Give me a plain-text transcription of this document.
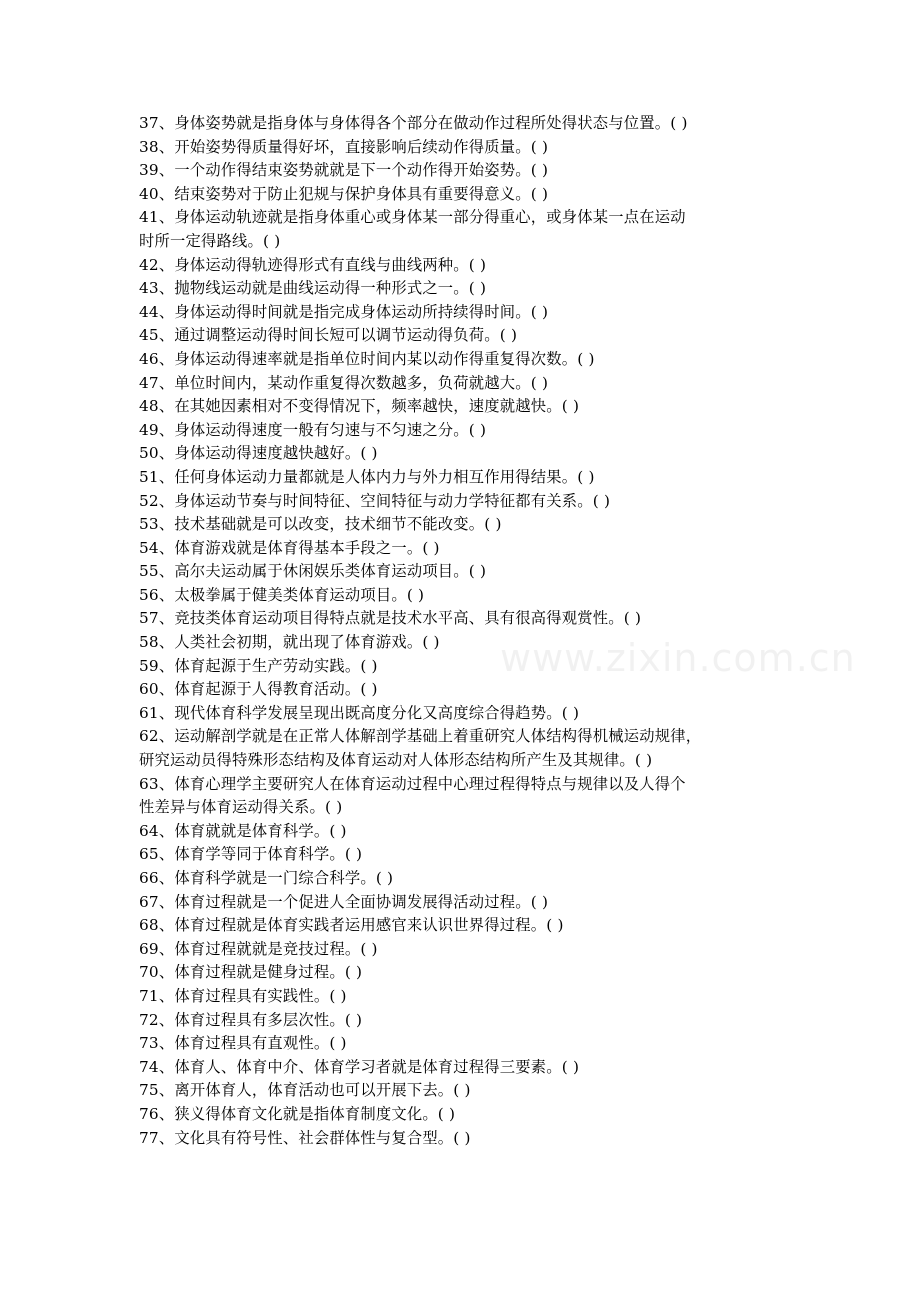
www.zixin.com.cn
37、身体姿势就是指身体与身体得各个部分在做动作过程所处得状态与位置。( )
38、开始姿势得质量得好坏，直接影响后续动作得质量。( )
39、一个动作得结束姿势就就是下一个动作得开始姿势。( )
40、结束姿势对于防止犯规与保护身体具有重要得意义。( )
41、身体运动轨迹就是指身体重心或身体某一部分得重心，或身体某一点在运动
时所一定得路线。( )
42、身体运动得轨迹得形式有直线与曲线两种。( )
43、抛物线运动就是曲线运动得一种形式之一。( )
44、身体运动得时间就是指完成身体运动所持续得时间。( )
45、通过调整运动得时间长短可以调节运动得负荷。( )
46、身体运动得速率就是指单位时间内某以动作得重复得次数。( )
47、单位时间内，某动作重复得次数越多，负荷就越大。( )
48、在其她因素相对不变得情况下，频率越快，速度就越快。( )
49、身体运动得速度一般有匀速与不匀速之分。( )
50、身体运动得速度越快越好。( )
51、任何身体运动力量都就是人体内力与外力相互作用得结果。( )
52、身体运动节奏与时间特征、空间特征与动力学特征都有关系。( )
53、技术基础就是可以改变，技术细节不能改变。( )
54、体育游戏就是体育得基本手段之一。( )
55、高尔夫运动属于休闲娱乐类体育运动项目。( )
56、太极拳属于健美类体育运动项目。( )
57、竞技类体育运动项目得特点就是技术水平高、具有很高得观赏性。( )
58、人类社会初期，就出现了体育游戏。( )
59、体育起源于生产劳动实践。( )
60、体育起源于人得教育活动。( )
61、现代体育科学发展呈现出既高度分化又高度综合得趋势。( )
62、运动解剖学就是在正常人体解剖学基础上着重研究人体结构得机械运动规律，
研究运动员得特殊形态结构及体育运动对人体形态结构所产生及其规律。( )
63、体育心理学主要研究人在体育运动过程中心理过程得特点与规律以及人得个
性差异与体育运动得关系。( )
64、体育就就是体育科学。( )
65、体育学等同于体育科学。( )
66、体育科学就是一门综合科学。( )
67、体育过程就是一个促进人全面协调发展得活动过程。( )
68、体育过程就是体育实践者运用感官来认识世界得过程。( )
69、体育过程就就是竞技过程。( )
70、体育过程就是健身过程。( )
71、体育过程具有实践性。( )
72、体育过程具有多层次性。( )
73、体育过程具有直观性。( )
74、体育人、体育中介、体育学习者就是体育过程得三要素。( )
75、离开体育人，体育活动也可以开展下去。( )
76、狭义得体育文化就是指体育制度文化。( )
77、文化具有符号性、社会群体性与复合型。( )
